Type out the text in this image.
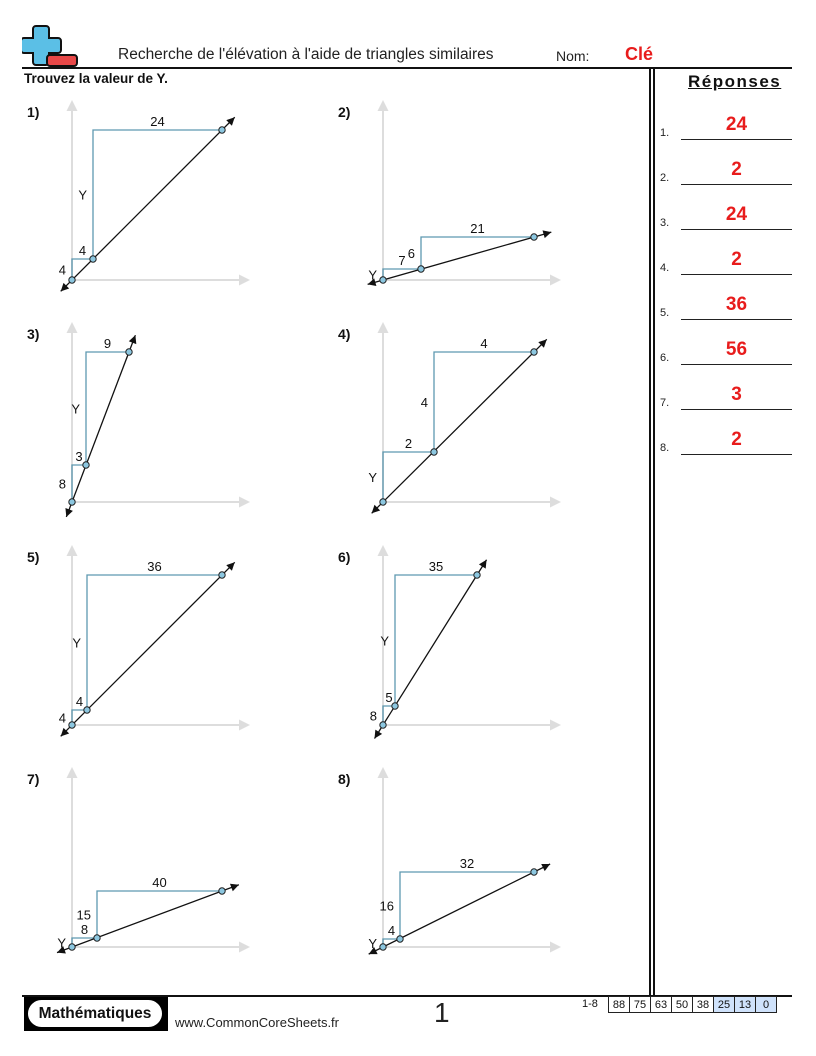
Recherche de l'élévation à l'aide de triangles similaires	Nom: Clé
Trouvez la valeur de Y.
1)
4
4
Y
24
2)
Y
7 6
21
3)
8
3
Y
9
4)
Y
2
4
4
5)
4
4
Y
36
6)
8
5
Y
35
7)
Y
8
15
40
8)
Y
4
16
32
Réponses
1.	24
2.	2
3.	24
4.	2
5.	36
6.	56
7.	3
8.	2
Mathématiques
www.CommonCoreSheets.fr	1	1-8 88	75	63	50	38	25	13	0
